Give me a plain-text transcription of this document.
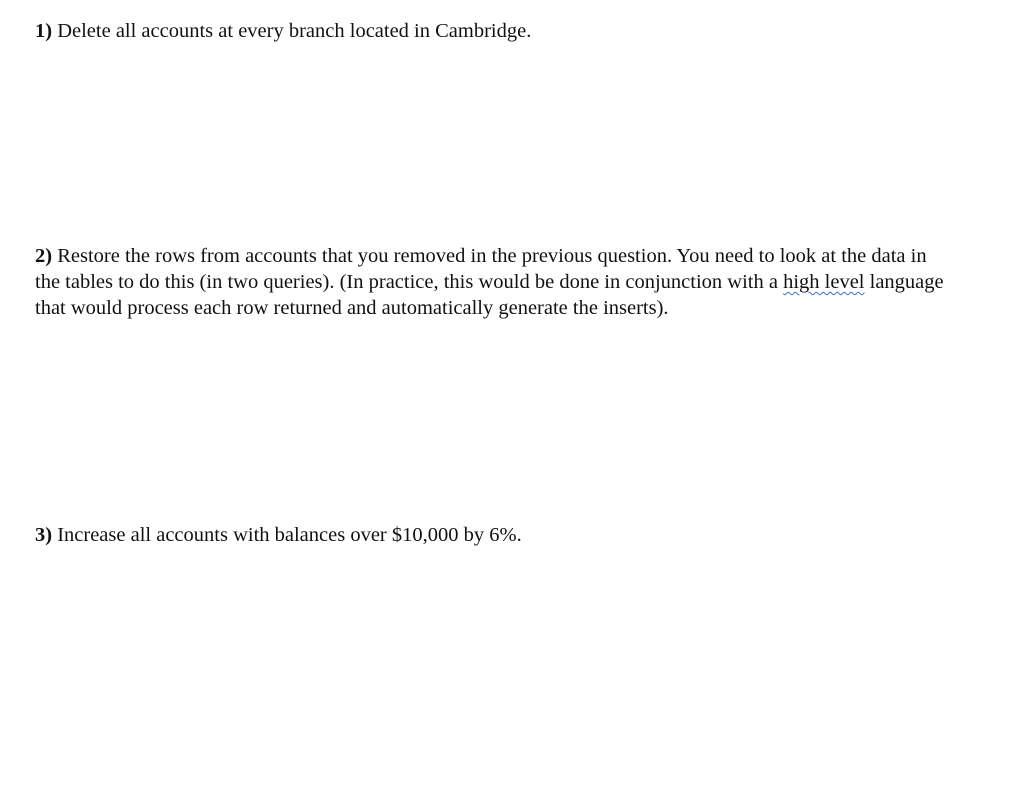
1) Delete all accounts at every branch located in Cambridge.

2) Restore the rows from accounts that you removed in the previous question. You need to look at the data in the tables to do this (in two queries). (In practice, this would be done in conjunction with a high level language that would process each row returned and automatically generate the inserts).

3) Increase all accounts with balances over $10,000 by 6%.
